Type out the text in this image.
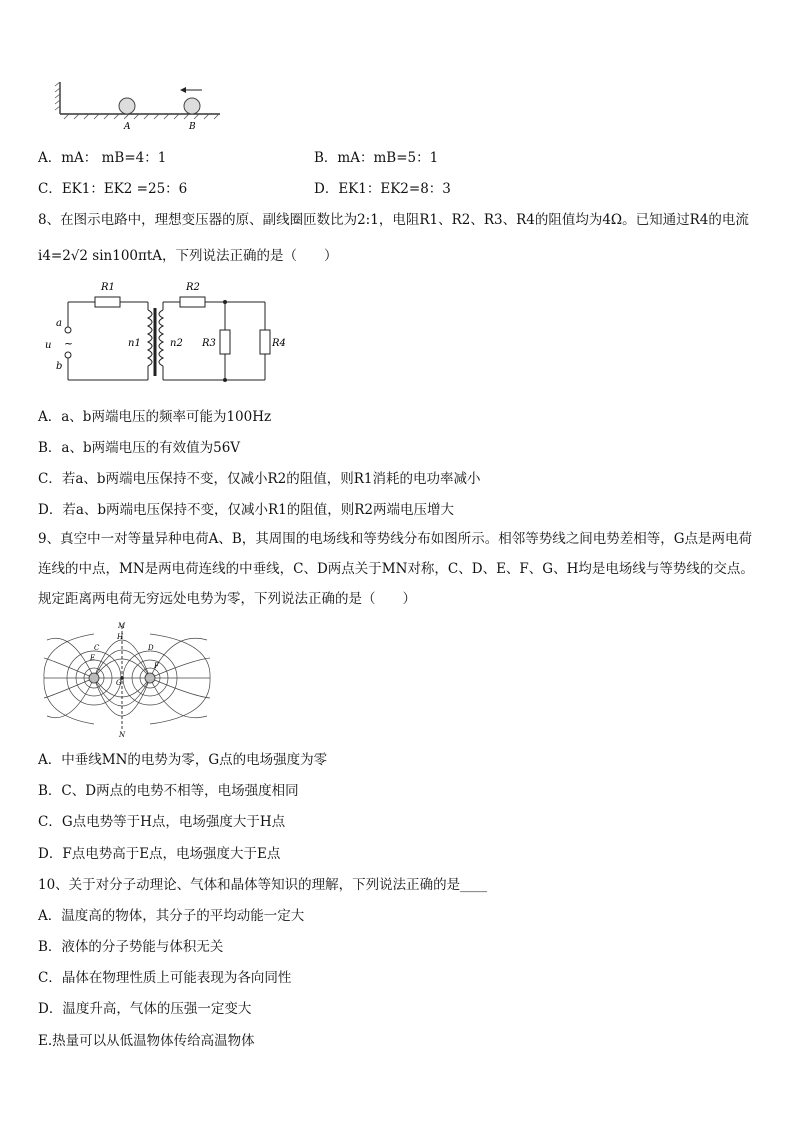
A	B
A．mA： mB=4：1	B．mA：mB=5：1
C．EK1：EK2 =25：6	D．EK1：EK2=8：3
8、在图示电路中，理想变压器的原、副线圈匝数比为2:1，电阻R1、R2、R3、R4的阻值均为4Ω。已知通过R4的电流
i4=2√2 sin100πtA，下列说法正确的是（　　）
R1	R2
R3	R4
a
b
u ~	n1	n2
A．a、b两端电压的频率可能为100Hz
B．a、b两端电压的有效值为56V
C．若a、b两端电压保持不变，仅减小R2的阻值，则R1消耗的电功率减小
D．若a、b两端电压保持不变，仅减小R1的阻值，则R2两端电压增大
9、真空中一对等量异种电荷A、B，其周围的电场线和等势线分布如图所示。相邻等势线之间电势差相等，G点是两电荷连线的中点，MN是两电荷连线的中垂线，C、D两点关于MN对称，C、D、E、F、G、H均是电场线与等势线的交点。规定距离两电荷无穷远处电势为零，下列说法正确的是（　　）
M
H
C	D
E
F
G
N
A．中垂线MN的电势为零，G点的电场强度为零
B．C、D两点的电势不相等，电场强度相同
C．G点电势等于H点，电场强度大于H点
D．F点电势高于E点，电场强度大于E点
10、关于对分子动理论、气体和晶体等知识的理解，下列说法正确的是____
A．温度高的物体，其分子的平均动能一定大
B．液体的分子势能与体积无关
C．晶体在物理性质上可能表现为各向同性
D．温度升高，气体的压强一定变大
E.热量可以从低温物体传给高温物体
